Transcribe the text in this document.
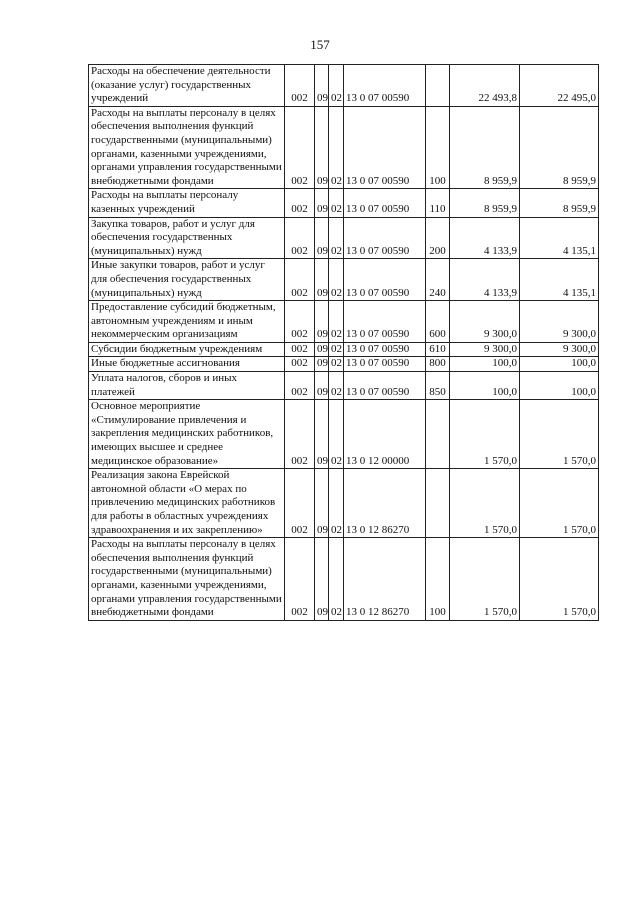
157
Расходы на обеспечение деятельности (оказание услуг) государственных учреждений	002	09	02	13 0 07 00590		22 493,8	22 495,0
Расходы на выплаты персоналу в целях обеспечения выполнения функций государственными (муниципальными) органами, казенными учреждениями, органами управления государственными внебюджетными фондами	002	09	02	13 0 07 00590	100	8 959,9	8 959,9
Расходы на выплаты персоналу казенных учреждений	002	09	02	13 0 07 00590	110	8 959,9	8 959,9
Закупка товаров, работ и услуг для обеспечения государственных (муниципальных) нужд	002	09	02	13 0 07 00590	200	4 133,9	4 135,1
Иные закупки товаров, работ и услуг для обеспечения государственных (муниципальных) нужд	002	09	02	13 0 07 00590	240	4 133,9	4 135,1
Предоставление субсидий бюджетным, автономным учреждениям и иным некоммерческим организациям	002	09	02	13 0 07 00590	600	9 300,0	9 300,0
Субсидии бюджетным учреждениям	002	09	02	13 0 07 00590	610	9 300,0	9 300,0
Иные бюджетные ассигнования	002	09	02	13 0 07 00590	800	100,0	100,0
Уплата налогов, сборов и иных платежей	002	09	02	13 0 07 00590	850	100,0	100,0
Основное мероприятие «Стимулирование привлечения и закрепления медицинских работников, имеющих высшее и среднее медицинское образование»	002	09	02	13 0 12 00000		1 570,0	1 570,0
Реализация закона Еврейской автономной области «О мерах по привлечению медицинских работников для работы в областных учреждениях здравоохранения и их закреплению»	002	09	02	13 0 12 86270		1 570,0	1 570,0
Расходы на выплаты персоналу в целях обеспечения выполнения функций государственными (муниципальными) органами, казенными учреждениями, органами управления государственными внебюджетными фондами	002	09	02	13 0 12 86270	100	1 570,0	1 570,0
